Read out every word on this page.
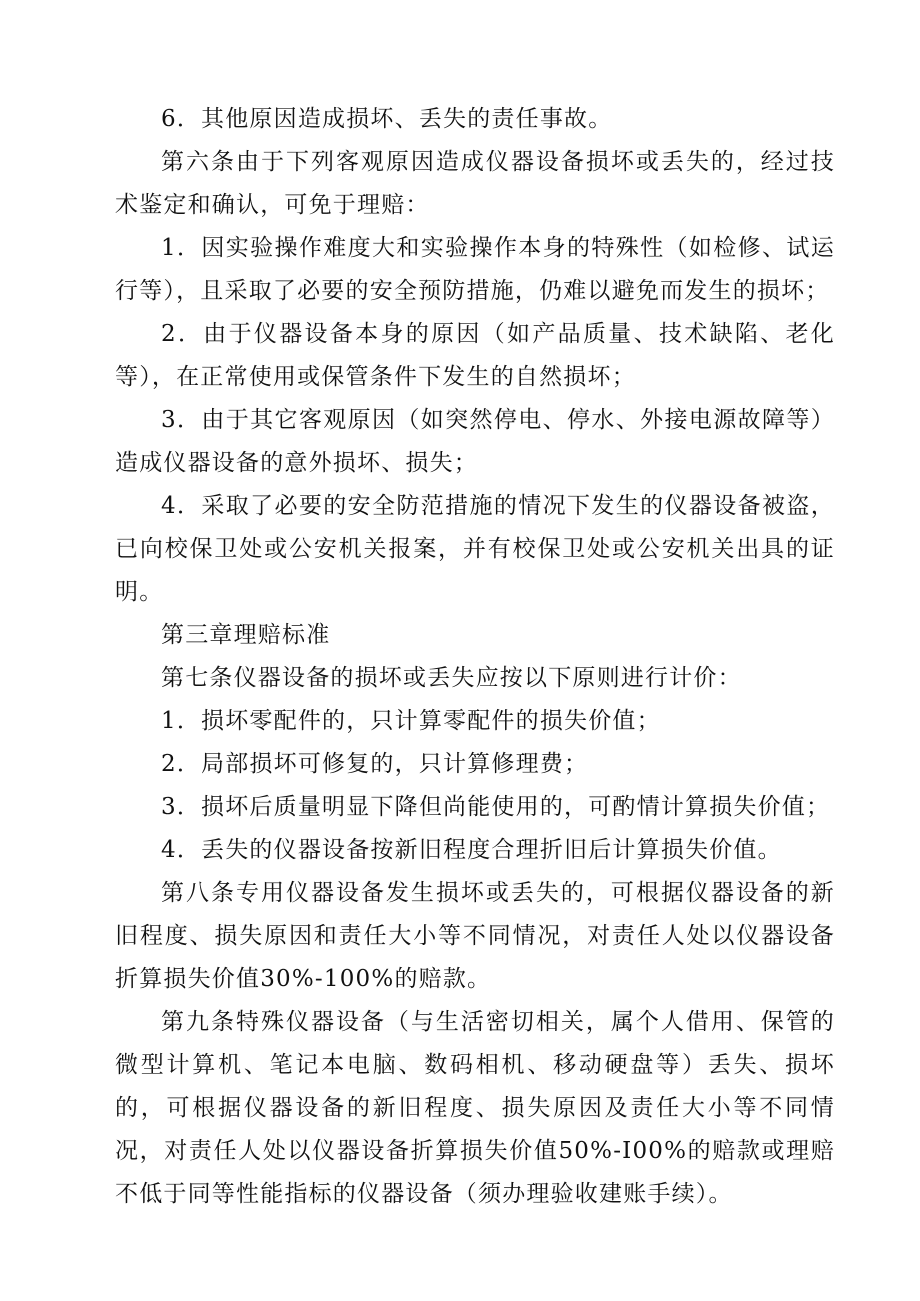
6．其他原因造成损坏、丢失的责任事故。

第六条由于下列客观原因造成仪器设备损坏或丢失的，经过技术鉴定和确认，可免于理赔：

1．因实验操作难度大和实验操作本身的特殊性（如检修、试运行等），且采取了必要的安全预防措施，仍难以避免而发生的损坏；

2．由于仪器设备本身的原因（如产品质量、技术缺陷、老化等），在正常使用或保管条件下发生的自然损坏；

3．由于其它客观原因（如突然停电、停水、外接电源故障等）造成仪器设备的意外损坏、损失；

4．采取了必要的安全防范措施的情况下发生的仪器设备被盗，已向校保卫处或公安机关报案，并有校保卫处或公安机关出具的证明。

第三章理赔标准

第七条仪器设备的损坏或丢失应按以下原则进行计价：

1．损坏零配件的，只计算零配件的损失价值；

2．局部损坏可修复的，只计算修理费；

3．损坏后质量明显下降但尚能使用的，可酌情计算损失价值；

4．丢失的仪器设备按新旧程度合理折旧后计算损失价值。

第八条专用仪器设备发生损坏或丢失的，可根据仪器设备的新旧程度、损失原因和责任大小等不同情况，对责任人处以仪器设备折算损失价值30%-100%的赔款。

第九条特殊仪器设备（与生活密切相关，属个人借用、保管的微型计算机、笔记本电脑、数码相机、移动硬盘等）丢失、损坏的，可根据仪器设备的新旧程度、损失原因及责任大小等不同情况，对责任人处以仪器设备折算损失价值50%-I00%的赔款或理赔不低于同等性能指标的仪器设备（须办理验收建账手续）。
